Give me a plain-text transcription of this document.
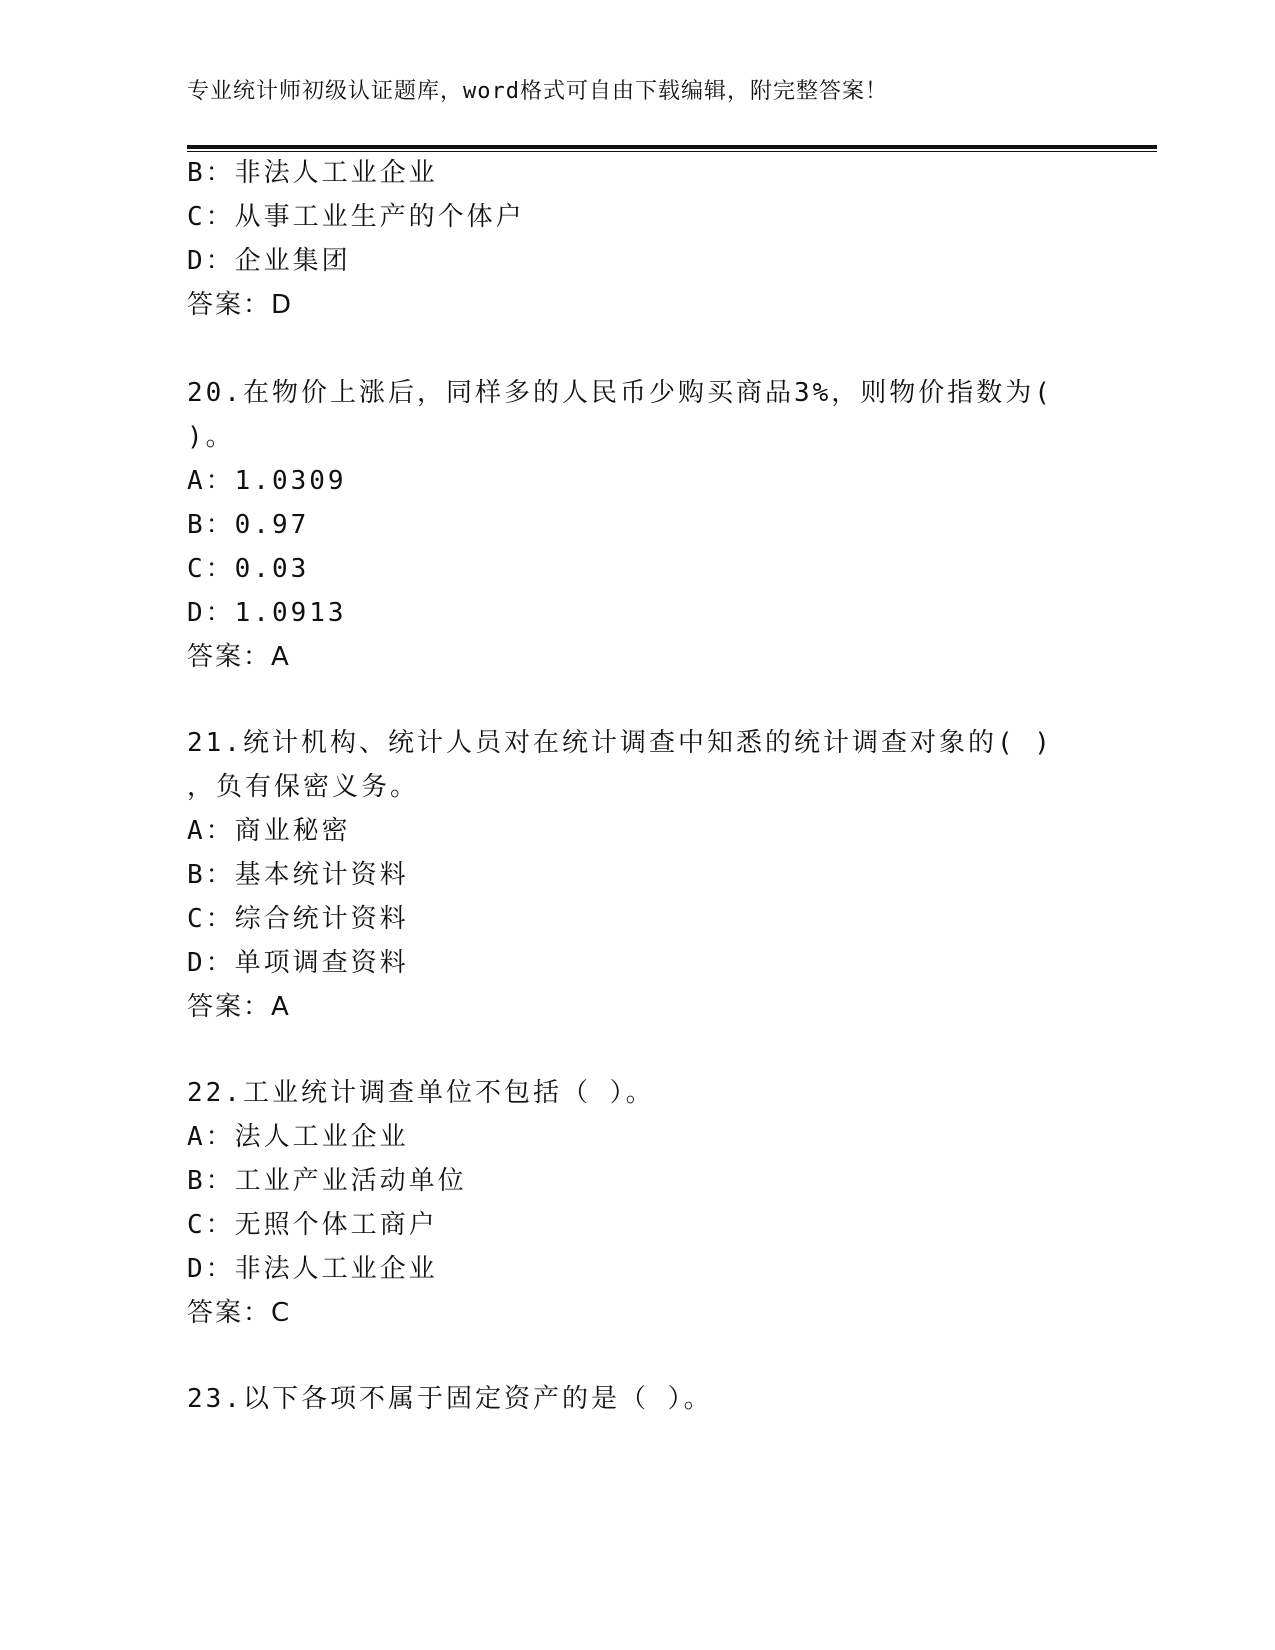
专业统计师初级认证题库，word格式可自由下载编辑，附完整答案！
B：非法人工业企业
C：从事工业生产的个体户
D：企业集团
答案：D
20.在物价上涨后，同样多的人民币少购买商品3%，则物价指数为(
)。
A：1.0309
B：0.97
C：0.03
D：1.0913
答案：A
21.统计机构、统计人员对在统计调查中知悉的统计调查对象的( )
，负有保密义务。
A：商业秘密
B：基本统计资料
C：综合统计资料
D：单项调查资料
答案：A
22.工业统计调查单位不包括（ ）。
A：法人工业企业
B：工业产业活动单位
C：无照个体工商户
D：非法人工业企业
答案：C
23.以下各项不属于固定资产的是（ ）。
